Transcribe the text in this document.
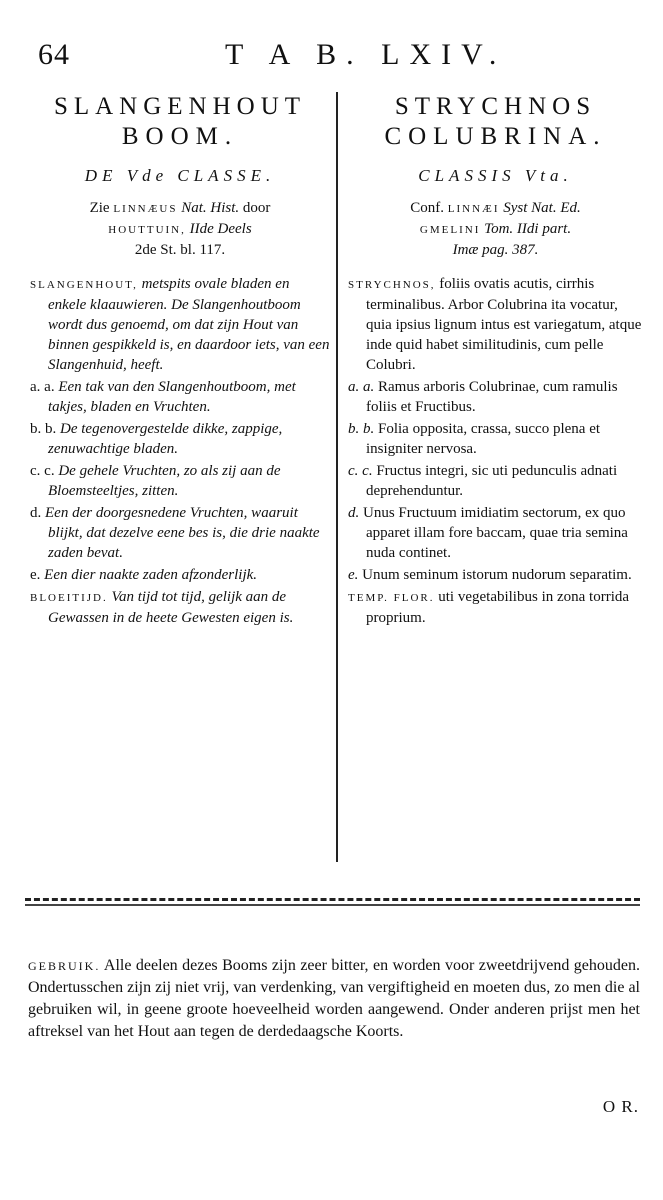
64	T A B. LXIV.
SLANGENHOUT
BOOM.
DE Vde CLASSE.
Zie LINNÆUS Nat. Hist. door
HOUTTUIN, IIde Deels
2de St. bl. 117.

SLANGENHOUT, metspits ovale bladen en enkele klaauwieren. De Slangenhoutboom wordt dus genoemd, om dat zijn Hout van binnen gespikkeld is, en daardoor iets, van een Slangenhuid, heeft.

a. a. Een tak van den Slangenhoutboom, met takjes, bladen en Vruchten.

b. b. De tegenovergestelde dikke, zappige, zenuwachtige bladen.

c. c. De gehele Vruchten, zo als zij aan de Bloemsteeltjes, zitten.

d. Een der doorgesnedene Vruchten, waaruit blijkt, dat dezelve eene bes is, die drie naakte zaden bevat.

e. Een dier naakte zaden afzonderlijk.

BLOEITIJD. Van tijd tot tijd, gelijk aan de Gewassen in de heete Gewesten eigen is.

STRYCHNOS
COLUBRINA.
CLASSIS Vta.
Conf. LINNÆI Syst Nat. Ed.
GMELINI Tom. IIdi part.
Imæ pag. 387.

STRYCHNOS, foliis ovatis acutis, cirrhis terminalibus. Arbor Colubrina ita vocatur, quia ipsius lignum intus est variegatum, atque inde quid habet similitudinis, cum pelle Colubri.

a. a. Ramus arboris Colubrinae, cum ramulis foliis et Fructibus.

b. b. Folia opposita, crassa, succo plena et insigniter nervosa.

c. c. Fructus integri, sic uti pedunculis adnati deprehenduntur.

d. Unus Fructuum imidiatim sectorum, ex quo apparet illam fore baccam, quae tria semina nuda continet.

e. Unum seminum istorum nudorum separatim.

TEMP. FLOR. uti vegetabilibus in zona torrida proprium.

GEBRUIK. Alle deelen dezes Booms zijn zeer bitter, en worden voor zweetdrijvend gehouden. Ondertusschen zijn zij niet vrij, van verdenking, van vergiftigheid en moeten dus, zo men die al gebruiken wil, in geene groote hoeveelheid worden aangewend. Onder anderen prijst men het aftreksel van het Hout aan tegen de derdedaagsche Koorts.
O R.
